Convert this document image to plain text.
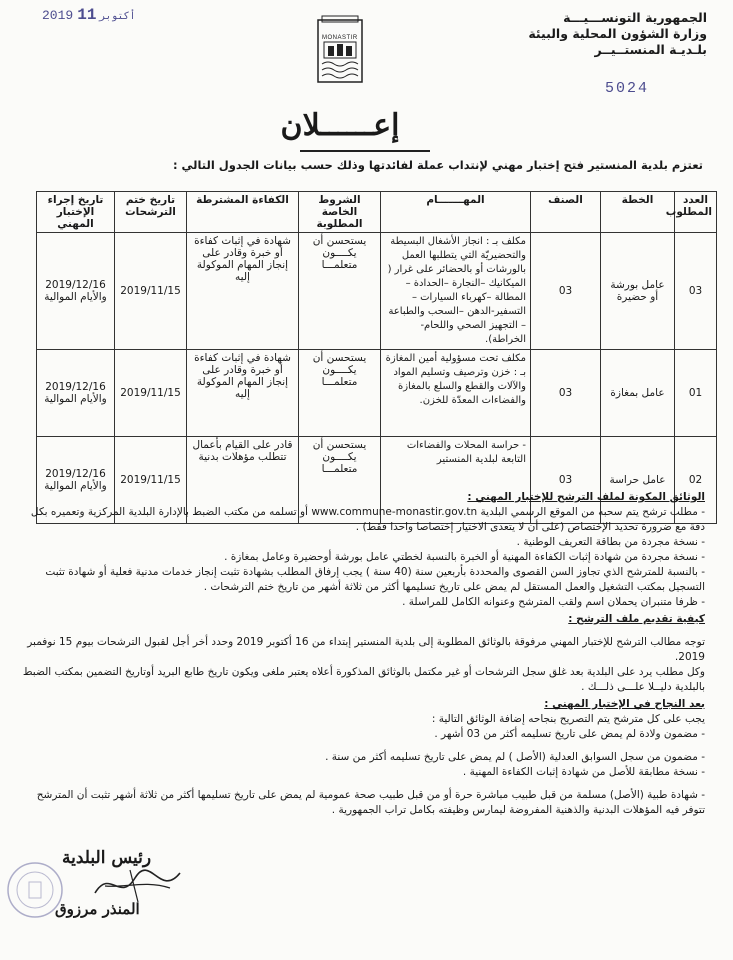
2019	أكتوبر11
MONASTIR
الجمهورية التونســـيـــة
وزارة الشؤون المحلية والبيئة
بلـديـة المنستــيــر
5024
إعــــــلان
تعتزم بلدية المنستير فتح إختبار مهني لإنتداب عملة لفائدتها وذلك حسب بيانات الجدول التالي :
العدد المطلوب	الخطة	الصنف	المهـــــــام	الشروط الخاصة المطلوبة	الكفاءة المشترطة	تاريخ ختم الترشحات	تاريخ إجراء الإختبار المهني
03	عامل بورشة أو حضيرة	03	مكلف بـ : انجاز الأشغال البسيطة والتحضيريّة التي يتطلبها العمل بالورشات أو بالحضائر على غرار ( الميكانيك –النجارة –الحدادة – المطالة –كهرباء السيارات –التسفير-الدهن –السحب والطباعة – التجهيز الصحي واللحام-الخراطة).	يستحسن أن يكــــون متعلمـــا	شهادة في إثبات كفاءة أو خبرة وقادر على إنجاز المهام الموكولة إليه	2019/11/15	2019/12/16 والأيام الموالية
01	عامل بمغازة	03	مكلف تحت مسؤولية أمين المغازة بـ : خزن وترصيف وتسليم المواد والآلات والقطع والسلع بالمغازة والفضاءات المعدّة للخزن.	يستحسن أن يكــــون متعلمـــا	شهادة في إثبات كفاءة أو خبرة وقادر على إنجاز المهام الموكولة إليه	2019/11/15	2019/12/16 والأيام الموالية
02	عامل حراسة	03	- حراسة المحلات والفضاءات التابعة لبلدية المنستير	يستحسن أن يكــــون متعلمـــا	قادر على القيام بأعمال تتطلب مؤهلات بدنية	2019/11/15	2019/12/16 والأيام الموالية
الوثائق المكونة لملف الترشح للإختبار المهني :
- مطلب ترشح يتم سحبه من الموقع الرسمي البلدية www.commune-monastir.gov.tn أو تسلمه من مكتب الضبط بالإدارة البلدية المركزية وتعميره بكل دقة مع ضرورة تحديد الإختصاص (على أن لا يتعدى الاختيار إختصاصا واحدا فقط) .
- نسخة مجردة من بطاقة التعريف الوطنية .
- نسخة مجردة من شهادة إثبات الكفاءة المهنية أو الخبرة بالنسبة لخطتي عامل بورشة أوحضيرة وعامل بمغازة .
- بالنسبة للمترشح الذي تجاوز السن القصوى والمحددة بأربعين سنة (40 سنة ) يجب إرفاق المطلب بشهادة تثبت إنجاز خدمات مدنية فعلية أو شهادة تثبت التسجيل بمكتب التشغيل والعمل المستقل لم يمض على تاريخ تسليمها أكثر من ثلاثة أشهر من تاريخ ختم الترشحات .
- ظرفا متنبران يحملان اسم ولقب المترشح وعنوانه الكامل للمراسلة .
كيفية تقديم ملف الترشح :
توجه مطالب الترشح للإختبار المهني مرفوقة بالوثائق المطلوبة إلى بلدية المنستير إبتداء من 16 أكتوبر 2019 وحدد أخر أجل لقبول الترشحات بيوم 15 نوفمبر 2019.
وكل مطلب يرد على البلدية بعد غلق سجل الترشحات أو غير مكتمل بالوثائق المذكورة أعلاه يعتبر ملغى ويكون تاريخ طابع البريد أوتاريخ التضمين بمكتب الضبط بالبلدية دليــلا علـــى ذلـــك .
بعد النجاح في الإختبار المهني :
يجب على كل مترشح يتم التصريح بنجاحه إضافة الوثائق التالية :
- مضمون ولادة لم يمض على تاريخ تسليمه أكثر من 03 أشهر .
- مضمون من سجل السوابق العدلية (الأصل ) لم يمض على تاريخ تسليمه أكثر من سنة .
- نسخة مطابقة للأصل من شهادة إثبات الكفاءة المهنية .
- شهادة طبية (الأصل) مسلمة من قبل طبيب مباشرة حرة أو من قبل طبيب صحة عمومية لم يمض على تاريخ تسليمها أكثر من ثلاثة أشهر تثبت أن المترشح تتوفر فيه المؤهلات البدنية والذهنية المفروضة ليمارس وظيفته بكامل تراب الجمهورية .
رئيس البلدية
المنذر مرزوق
